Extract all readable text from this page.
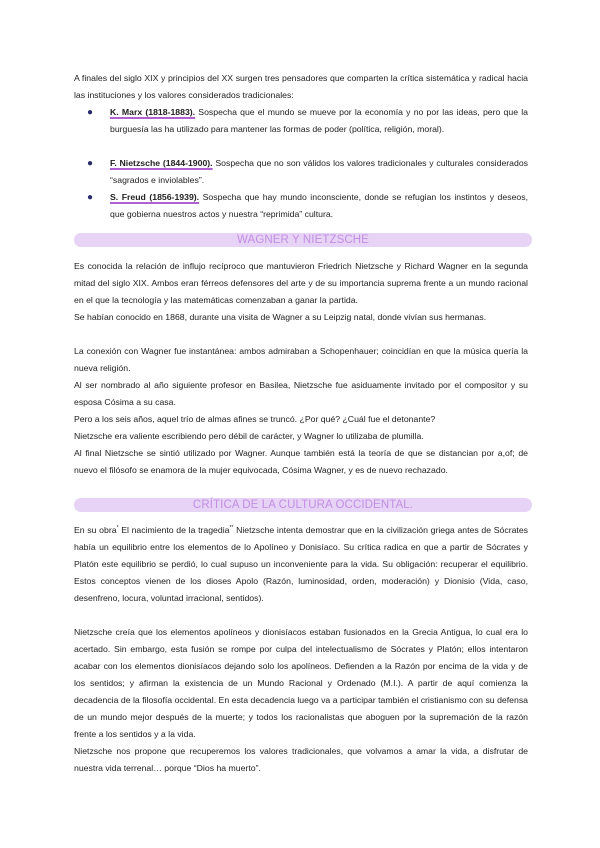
A finales del siglo XIX y principios del XX surgen tres pensadores que comparten la crítica sistemática y radical hacia las instituciones y los valores considerados tradicionales:

●	K. Marx (1818-1883). Sospecha que el mundo se mueve por la economía y no por las ideas, pero que la burguesía las ha utilizado para mantener las formas de poder (política, religión, moral).
●	F. Nietzsche (1844-1900). Sospecha que no son válidos los valores tradicionales y culturales considerados “sagrados e inviolables”.
●	S. Freud (1856-1939). Sospecha que hay mundo inconsciente, donde se refugian los instintos y deseos, que gobierna nuestros actos y nuestra “reprimida” cultura.
WAGNER Y NIETZSCHE

Es conocida la relación de influjo recíproco que mantuvieron Friedrich Nietzsche y Richard Wagner en la segunda mitad del siglo XIX. Ambos eran férreos defensores del arte y de su importancia suprema frente a un mundo racional en el que la tecnología y las matemáticas comenzaban a ganar la partida.

Se habían conocido en 1868, durante una visita de Wagner a su Leipzig natal, donde vivían sus hermanas.

La conexión con Wagner fue instantánea: ambos admiraban a Schopenhauer; coincidían en que la música quería la nueva religión.

Al ser nombrado al año siguiente profesor en Basilea, Nietzsche fue asiduamente invitado por el compositor y su esposa Cósima a su casa.

Pero a los seis años, aquel trío de almas afines se truncó. ¿Por qué? ¿Cuál fue el detonante?

Nietzsche era valiente escribiendo pero débil de carácter, y Wagner lo utilizaba de plumilla.

Al final Nietzsche se sintió utilizado por Wagner. Aunque también está la teoría de que se distancian por a,of; de nuevo el filósofo se enamora de la mujer equivocada, Cósima Wagner, y es de nuevo rechazado.

CRÍTICA DE LA CULTURA OCCIDENTAL.

En su obra* El nacimiento de la tragedia** Nietzsche intenta demostrar que en la civilización griega antes de Sócrates había un equilibrio entre los elementos de lo Apolíneo y Donisíaco. Su crítica radica en que a partir de Sócrates y Platón este equilibrio se perdió, lo cual supuso un inconveniente para la vida. Su obligación: recuperar el equilibrio. Estos conceptos vienen de los dioses Apolo (Razón, luminosidad, orden, moderación) y Dionisio (Vida, caso, desenfreno, locura, voluntad irracional, sentidos).

Nietzsche creía que los elementos apolíneos y dionisíacos estaban fusionados en la Grecia Antigua, lo cual era lo acertado. Sin embargo, esta fusión se rompe por culpa del intelectualismo de Sócrates y Platón; ellos intentaron acabar con los elementos dionisíacos dejando solo los apolíneos. Defienden a la Razón por encima de la vida y de los sentidos; y afirman la existencia de un Mundo Racional y Ordenado (M.I.). A partir de aquí comienza la decadencia de la filosofía occidental. En esta decadencia luego va a participar también el cristianismo con su defensa de un mundo mejor después de la muerte; y todos los racionalistas que aboguen por la supremación de la razón frente a los sentidos y a la vida.

Nietzsche nos propone que recuperemos los valores tradicionales, que volvamos a amar la vida, a disfrutar de nuestra vida terrenal… porque “Dios ha muerto”.
